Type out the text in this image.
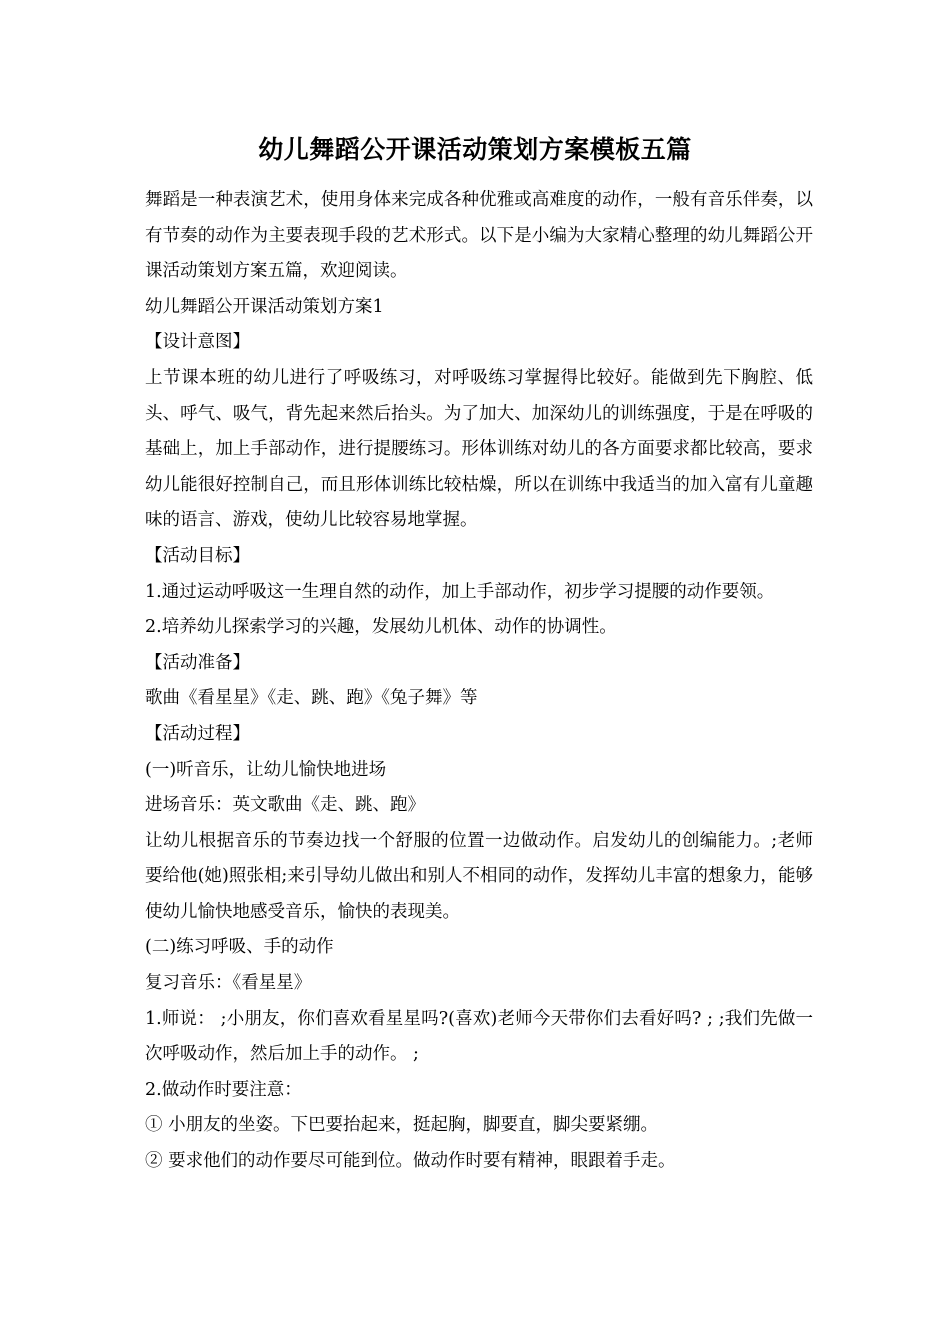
幼儿舞蹈公开课活动策划方案模板五篇

舞蹈是一种表演艺术，使用身体来完成各种优雅或高难度的动作，一般有音乐伴奏，以有节奏的动作为主要表现手段的艺术形式。以下是小编为大家精心整理的幼儿舞蹈公开课活动策划方案五篇，欢迎阅读。

幼儿舞蹈公开课活动策划方案1

【设计意图】

上节课本班的幼儿进行了呼吸练习，对呼吸练习掌握得比较好。能做到先下胸腔、低头、呼气、吸气，背先起来然后抬头。为了加大、加深幼儿的训练强度，于是在呼吸的基础上，加上手部动作，进行提腰练习。形体训练对幼儿的各方面要求都比较高，要求幼儿能很好控制自己，而且形体训练比较枯燥，所以在训练中我适当的加入富有儿童趣味的语言、游戏，使幼儿比较容易地掌握。

【活动目标】

1.通过运动呼吸这一生理自然的动作，加上手部动作，初步学习提腰的动作要领。

2.培养幼儿探索学习的兴趣，发展幼儿机体、动作的协调性。

【活动准备】

歌曲《看星星》《走、跳、跑》《兔子舞》等

【活动过程】

(一)听音乐，让幼儿愉快地进场

进场音乐：英文歌曲《走、跳、跑》

让幼儿根据音乐的节奏边找一个舒服的位置一边做动作。启发幼儿的创编能力。;老师要给他(她)照张相;来引导幼儿做出和别人不相同的动作，发挥幼儿丰富的想象力，能够使幼儿愉快地感受音乐，愉快的表现美。

(二)练习呼吸、手的动作

复习音乐：《看星星》

1.师说： ;小朋友，你们喜欢看星星吗?(喜欢)老师今天带你们去看好吗? ; ;我们先做一次呼吸动作，然后加上手的动作。 ;

2.做动作时要注意：

① 小朋友的坐姿。下巴要抬起来，挺起胸，脚要直，脚尖要紧绷。

② 要求他们的动作要尽可能到位。做动作时要有精神，眼跟着手走。
